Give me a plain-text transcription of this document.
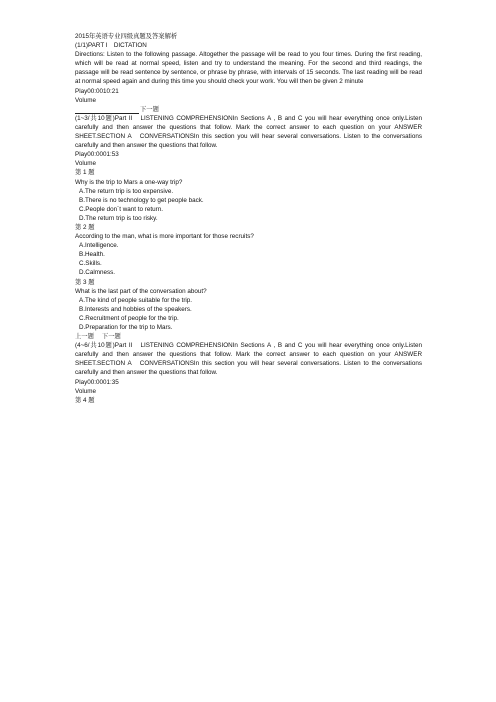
2015年英语专业四级真题及答案解析
(1/1)PART I　DICTATION
Directions: Listen to the following passage. Altogether the passage will be read to you four times. During the first reading, which will be read at normal speed, listen and try to understand the meaning. For the second and third readings, the passage will be read sentence by sentence, or phrase by phrase, with intervals of 15 seconds. The last reading will be read at normal speed again and during this time you should check your work. You will then be given 2 minute
Play00:0010:21
Volume
下一题
(1~3/共10题)Part II　LISTENING COMPREHENSIONIn Sections A , B and C you will hear everything once only.Listen carefully and then answer the questions that follow. Mark the correct answer to each question on your ANSWER SHEET.SECTION A　CONVERSATIONSIn this section you will hear several conversations. Listen to the conversations carefully and then answer the questions that follow.
Play00:0001:53
Volume
第 1 题
Why is the trip to Mars a one-way trip?
A.The return trip is too expensive.
B.There is no technology to get people back.
C.People don´t want to return.
D.The return trip is too risky.
第 2 题
According to the man, what is more important for those recruits?
A.Intelligence.
B.Health.
C.Skills.
D.Calmness.
第 3 题
What is the last part of the conversation about?
A.The kind of people suitable for the trip.
B.Interests and hobbies of the speakers.
C.Recruitment of people for the trip.
D.Preparation for the trip to Mars.
上一题 下一题
(4~6/共10题)Part II　LISTENING COMPREHENSIONIn Sections A , B and C you will hear everything once only.Listen carefully and then answer the questions that follow. Mark the correct answer to each question on your ANSWER SHEET.SECTION A　CONVERSATIONSIn this section you will hear several conversations. Listen to the conversations carefully and then answer the questions that follow.
Play00:0001:35
Volume
第 4 题
